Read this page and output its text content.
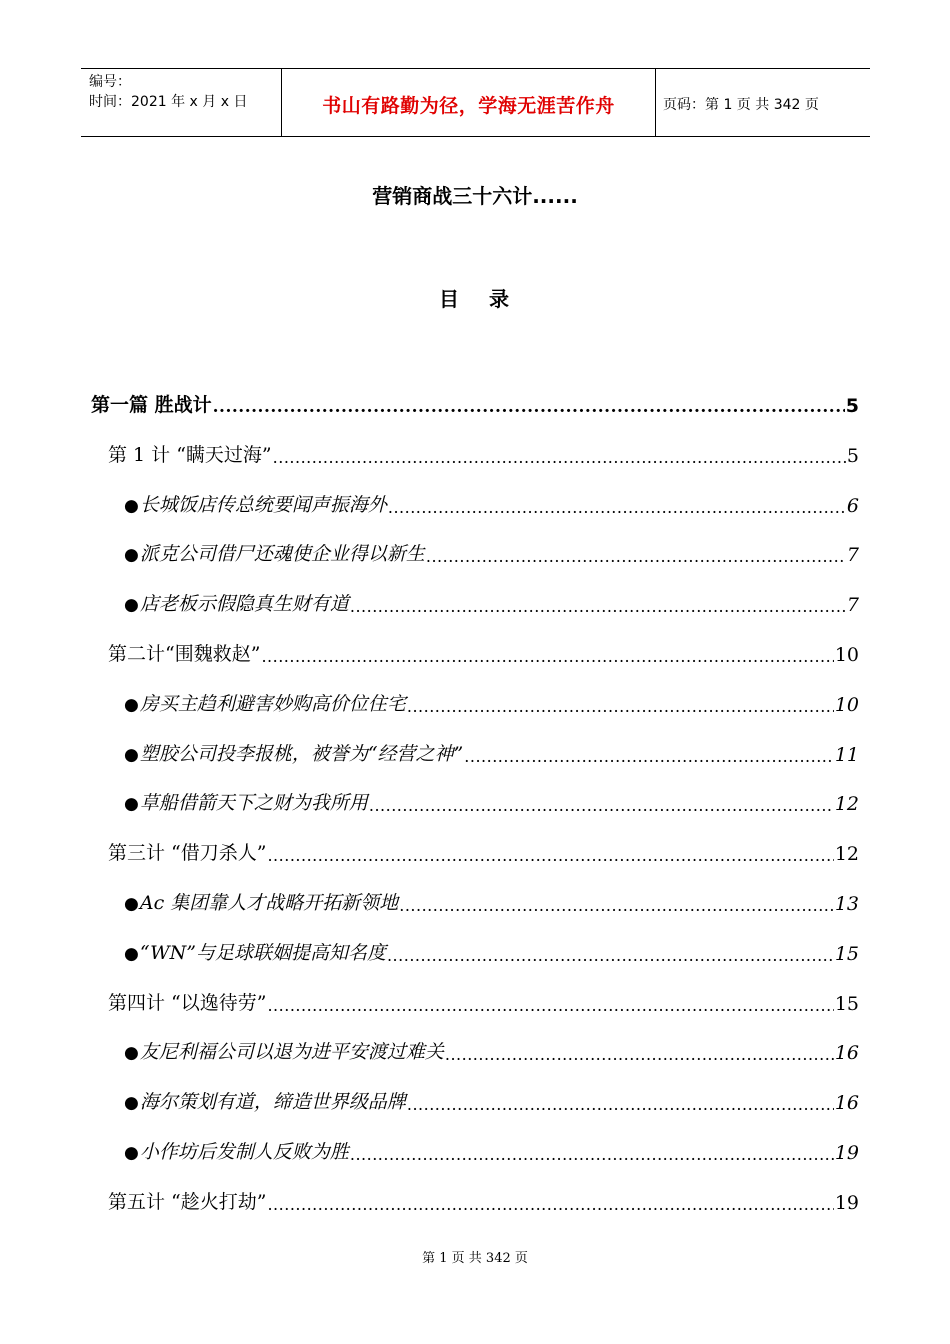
编号：
时间：2021 年 x 月 x 日	书山有路勤为径，学海无涯苦作舟	页码：第 1 页 共 342 页
营销商战三十六计......
目 录
第一篇 胜战计 .....	5
第 1 计 “瞒天过海” .....	5
●长城饭店传总统要闻声振海外 .....	6
●派克公司借尸还魂使企业得以新生 .....	7
●店老板示假隐真生财有道 .....	7
第二计“围魏救赵” .....	10
●房买主趋利避害妙购高价位住宅 .....	10
●塑胶公司投李报桃，被誉为“经营之神” .....	11
●草船借箭天下之财为我所用 .....	12
第三计 “借刀杀人” .....	12
●Ac 集团靠人才战略开拓新领地 .....	13
●“WN”与足球联姻提高知名度 .....	15
第四计 “以逸待劳” .....	15
●友尼利福公司以退为进平安渡过难关 .....	16
●海尔策划有道，缔造世界级品牌 .....	16
●小作坊后发制人反败为胜 .....	19
第五计 “趁火打劫” .....	19
第 1 页 共 342 页
